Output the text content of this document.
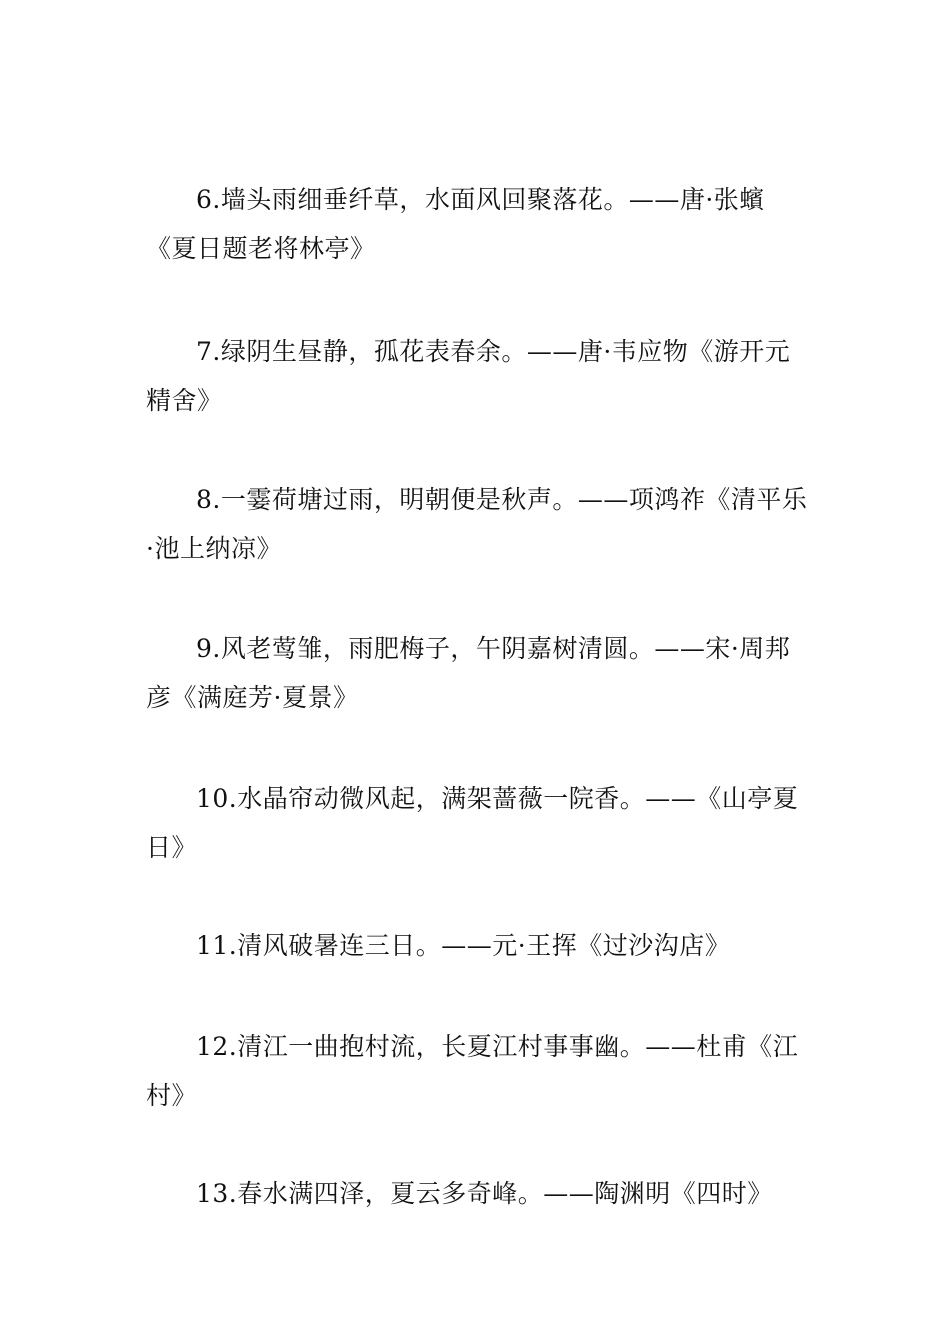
6.墙头雨细垂纤草，水面风回聚落花。——唐·张蠙《夏日题老将林亭》

7.绿阴生昼静，孤花表春余。——唐·韦应物《游开元精舍》

8.一霎荷塘过雨，明朝便是秋声。——项鸿祚《清平乐·池上纳凉》

9.风老莺雏，雨肥梅子，午阴嘉树清圆。——宋·周邦彦《满庭芳·夏景》

10.水晶帘动微风起，满架蔷薇一院香。——《山亭夏日》

11.清风破暑连三日。——元·王挥《过沙沟店》

12.清江一曲抱村流，长夏江村事事幽。——杜甫《江村》

13.春水满四泽，夏云多奇峰。——陶渊明《四时》
